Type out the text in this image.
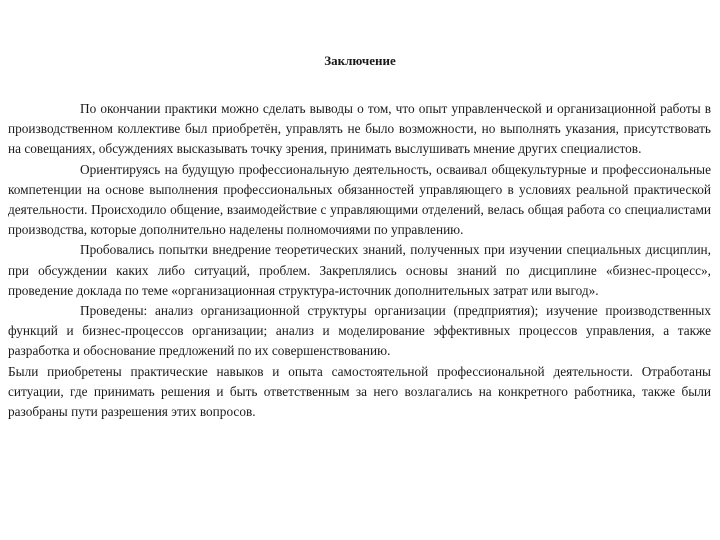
Заключение

По окончании практики можно сделать выводы о том, что опыт управленческой и организационной работы в производственном коллективе был приобретён, управлять не было возможности, но выполнять указания, присутствовать на совещаниях, обсуждениях высказывать точку зрения, принимать выслушивать мнение других специалистов.

Ориентируясь на будущую профессиональную деятельность, осваивал общекультурные и профессиональные компетенции на основе выполнения профессиональных обязанностей управляющего в условиях реальной практической деятельности. Происходило общение, взаимодействие с управляющими отделений, велась общая работа со специалистами производства, которые дополнительно наделены полномочиями по управлению.

Пробовались попытки внедрение теоретических знаний, полученных при изучении специальных дисциплин, при обсуждении каких либо ситуаций, проблем. Закреплялись основы знаний по дисциплине «бизнес-процесс», проведение доклада по теме «организационная структура-источник дополнительных затрат или выгод».

Проведены: анализ организационной структуры организации (предприятия); изучение производственных функций и бизнес-процессов организации; анализ и моделирование эффективных процессов управления, а также разработка и обоснование предложений по их совершенствованию.

Были приобретены практические навыков и опыта самостоятельной профессиональной деятельности. Отработаны ситуации, где принимать решения и быть ответственным за него возлагались на конкретного работника, также были разобраны пути разрешения этих вопросов.
